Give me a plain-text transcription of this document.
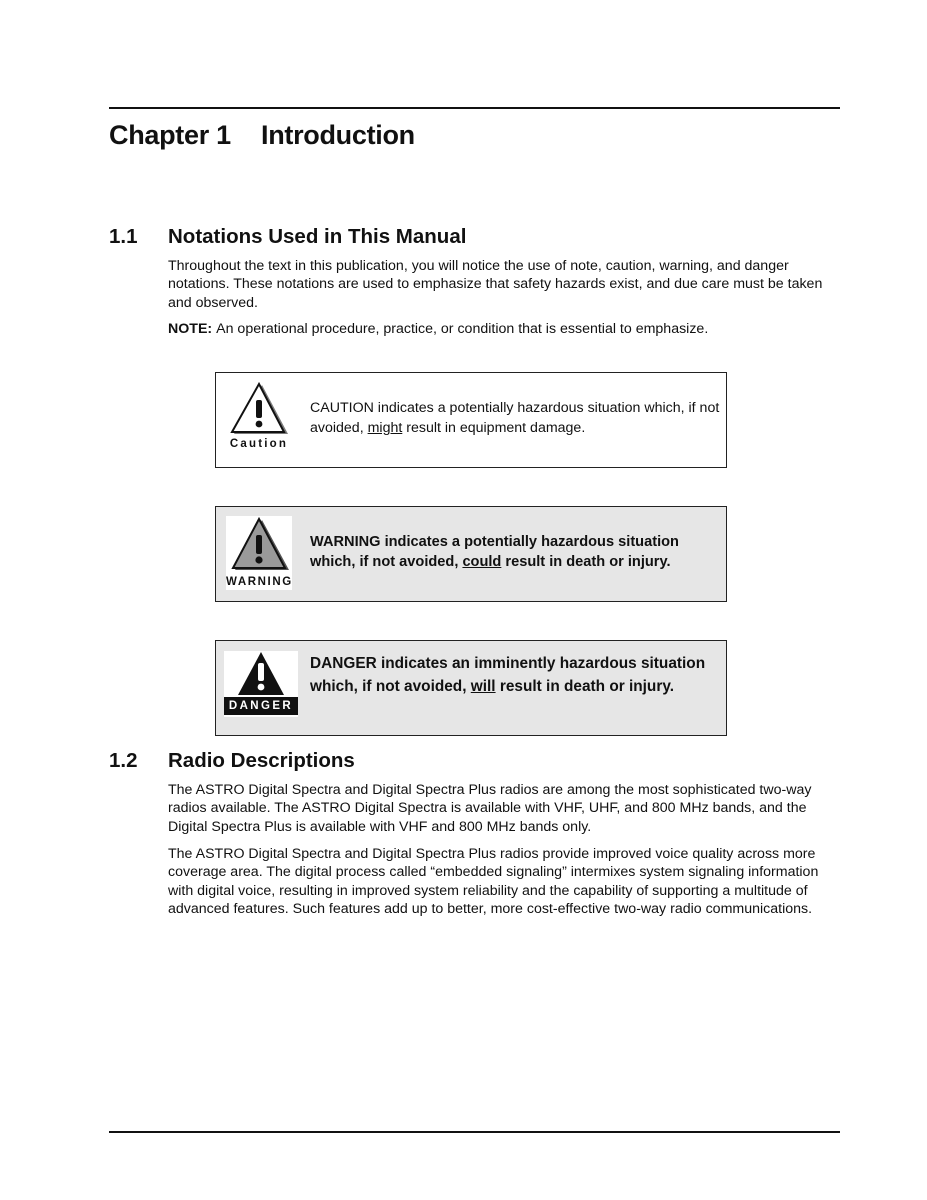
Chapter 1 Introduction
1.1 Notations Used in This Manual

Throughout the text in this publication, you will notice the use of note, caution, warning, and danger notations. These notations are used to emphasize that safety hazards exist, and due care must be taken and observed.

NOTE: An operational procedure, practice, or condition that is essential to emphasize.

Caution

CAUTION indicates a potentially hazardous situation which, if not avoided, might result in equipment damage.

WARNING

WARNING indicates a potentially hazardous situation which, if not avoided, could result in death or injury.

DANGER

DANGER indicates an imminently hazardous situation which, if not avoided, will result in death or injury.

1.2 Radio Descriptions

The ASTRO Digital Spectra and Digital Spectra Plus radios are among the most sophisticated two-way radios available. The ASTRO Digital Spectra is available with VHF, UHF, and 800 MHz bands, and the Digital Spectra Plus is available with VHF and 800 MHz bands only.

The ASTRO Digital Spectra and Digital Spectra Plus radios provide improved voice quality across more coverage area. The digital process called “embedded signaling” intermixes system signaling information with digital voice, resulting in improved system reliability and the capability of supporting a multitude of advanced features. Such features add up to better, more cost-effective two-way radio communications.
